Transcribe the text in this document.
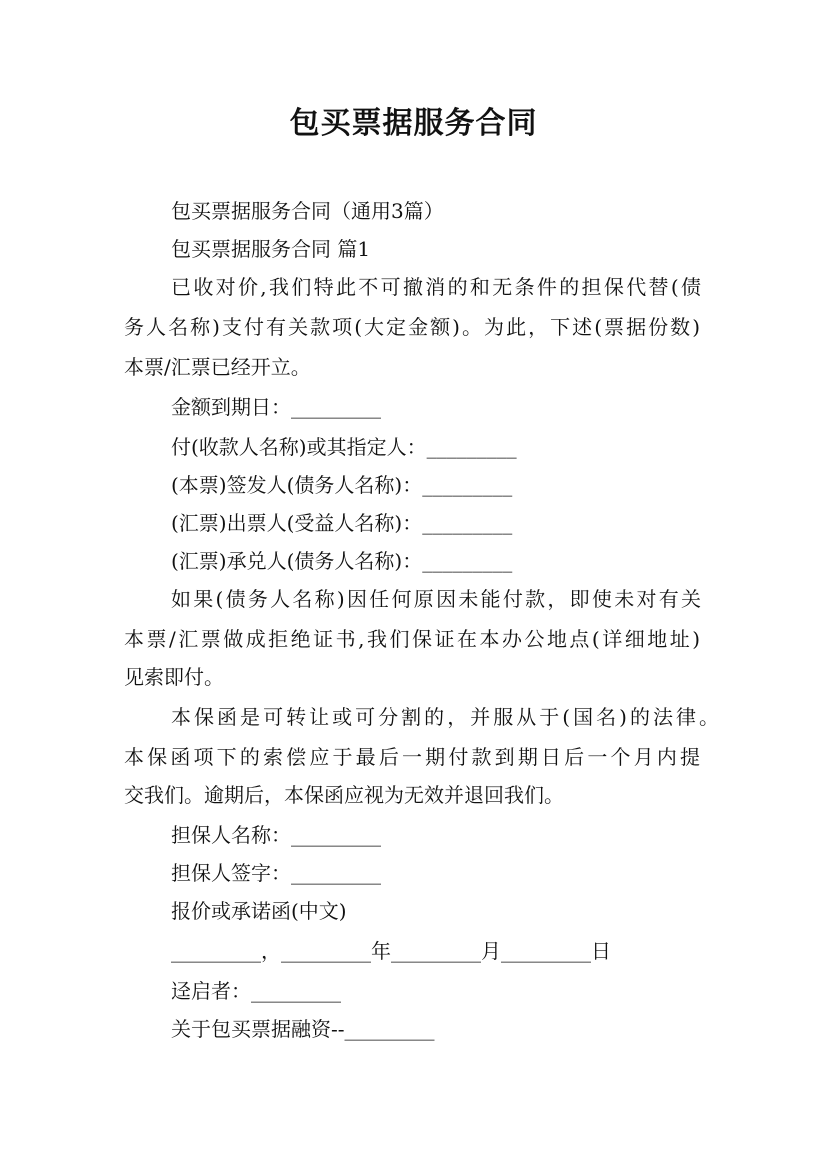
包买票据服务合同

包买票据服务合同（通用3篇）

包买票据服务合同 篇1

已收对价,我们特此不可撤消的和无条件的担保代替(债

务人名称)支付有关款项(大定金额)。为此，下述(票据份数)

本票/汇票已经开立。

金额到期日：_________

付(收款人名称)或其指定人：_________

(本票)签发人(债务人名称)：_________

(汇票)出票人(受益人名称)：_________

(汇票)承兑人(债务人名称)：_________

如果(债务人名称)因任何原因未能付款，即使未对有关

本票/汇票做成拒绝证书,我们保证在本办公地点(详细地址)

见索即付。

本保函是可转让或可分割的，并服从于(国名)的法律。

本保函项下的索偿应于最后一期付款到期日后一个月内提

交我们。逾期后，本保函应视为无效并退回我们。

担保人名称：_________

担保人签字：_________

报价或承诺函(中文)

_________，_________年_________月_________日

迳启者：_________

关于包买票据融资--_________
